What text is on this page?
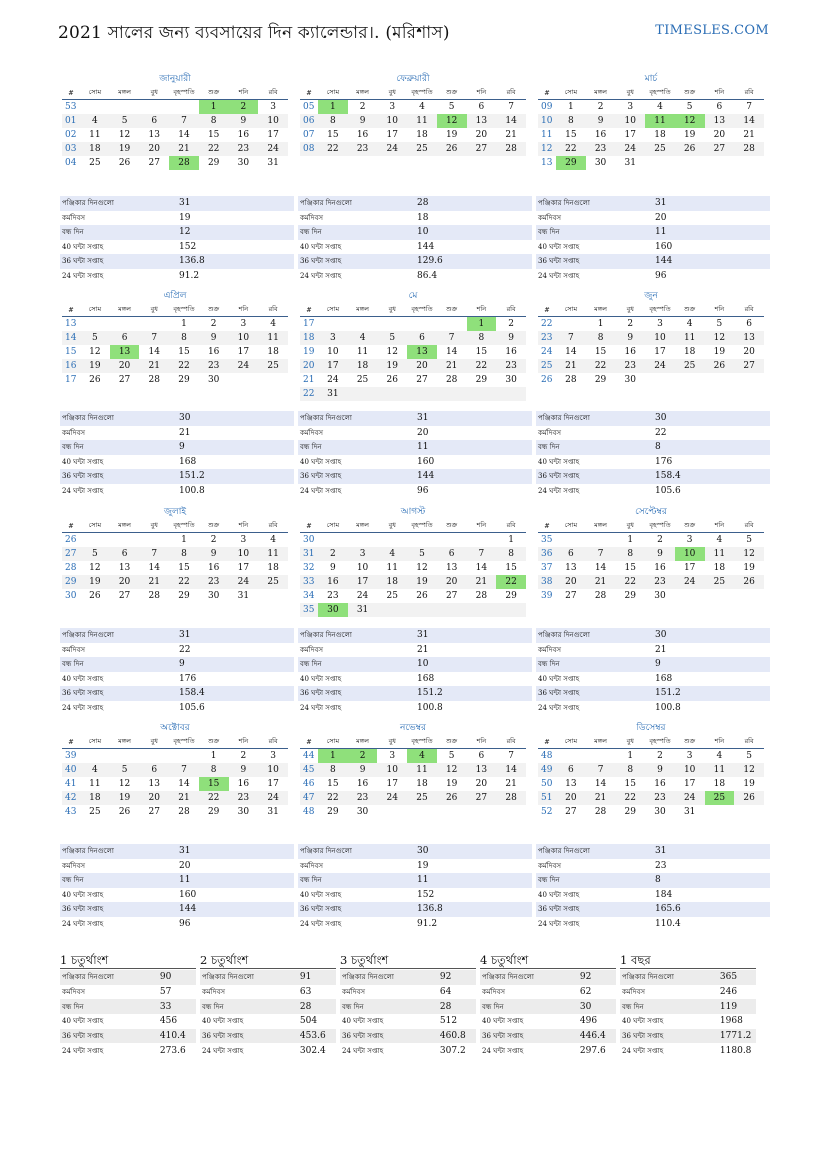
2021 সালের জন্য ব্যবসায়ের দিন ক্যালেন্ডার।. (মরিশাস)	TIMESLES.COM
জানুয়ারী
#	সোম	মঙ্গল	বুধ	বৃহস্পতি	শুক্র	শনি	রবি
53					1	2	3
01	4	5	6	7	8	9	10
02	11	12	13	14	15	16	17
03	18	19	20	21	22	23	24
04	25	26	27	28	29	30	31
পঞ্জিকার দিনগুলো	31
কর্মদিবস	19
বন্ধ দিন	12
40 ঘন্টা সপ্তাহ	152
36 ঘন্টা সপ্তাহ	136.8
24 ঘন্টা সপ্তাহ	91.2
ফেব্রুয়ারী
#	সোম	মঙ্গল	বুধ	বৃহস্পতি	শুক্র	শনি	রবি
05	1	2	3	4	5	6	7
06	8	9	10	11	12	13	14
07	15	16	17	18	19	20	21
08	22	23	24	25	26	27	28
পঞ্জিকার দিনগুলো	28
কর্মদিবস	18
বন্ধ দিন	10
40 ঘন্টা সপ্তাহ	144
36 ঘন্টা সপ্তাহ	129.6
24 ঘন্টা সপ্তাহ	86.4
মার্চ
#	সোম	মঙ্গল	বুধ	বৃহস্পতি	শুক্র	শনি	রবি
09	1	2	3	4	5	6	7
10	8	9	10	11	12	13	14
11	15	16	17	18	19	20	21
12	22	23	24	25	26	27	28
13	29	30	31				
পঞ্জিকার দিনগুলো	31
কর্মদিবস	20
বন্ধ দিন	11
40 ঘন্টা সপ্তাহ	160
36 ঘন্টা সপ্তাহ	144
24 ঘন্টা সপ্তাহ	96
এপ্রিল
#	সোম	মঙ্গল	বুধ	বৃহস্পতি	শুক্র	শনি	রবি
13				1	2	3	4
14	5	6	7	8	9	10	11
15	12	13	14	15	16	17	18
16	19	20	21	22	23	24	25
17	26	27	28	29	30		
পঞ্জিকার দিনগুলো	30
কর্মদিবস	21
বন্ধ দিন	9
40 ঘন্টা সপ্তাহ	168
36 ঘন্টা সপ্তাহ	151.2
24 ঘন্টা সপ্তাহ	100.8
মে
#	সোম	মঙ্গল	বুধ	বৃহস্পতি	শুক্র	শনি	রবি
17						1	2
18	3	4	5	6	7	8	9
19	10	11	12	13	14	15	16
20	17	18	19	20	21	22	23
21	24	25	26	27	28	29	30
22	31						
পঞ্জিকার দিনগুলো	31
কর্মদিবস	20
বন্ধ দিন	11
40 ঘন্টা সপ্তাহ	160
36 ঘন্টা সপ্তাহ	144
24 ঘন্টা সপ্তাহ	96
জুন
#	সোম	মঙ্গল	বুধ	বৃহস্পতি	শুক্র	শনি	রবি
22		1	2	3	4	5	6
23	7	8	9	10	11	12	13
24	14	15	16	17	18	19	20
25	21	22	23	24	25	26	27
26	28	29	30				
পঞ্জিকার দিনগুলো	30
কর্মদিবস	22
বন্ধ দিন	8
40 ঘন্টা সপ্তাহ	176
36 ঘন্টা সপ্তাহ	158.4
24 ঘন্টা সপ্তাহ	105.6
জুলাই
#	সোম	মঙ্গল	বুধ	বৃহস্পতি	শুক্র	শনি	রবি
26				1	2	3	4
27	5	6	7	8	9	10	11
28	12	13	14	15	16	17	18
29	19	20	21	22	23	24	25
30	26	27	28	29	30	31	
পঞ্জিকার দিনগুলো	31
কর্মদিবস	22
বন্ধ দিন	9
40 ঘন্টা সপ্তাহ	176
36 ঘন্টা সপ্তাহ	158.4
24 ঘন্টা সপ্তাহ	105.6
আগস্ট
#	সোম	মঙ্গল	বুধ	বৃহস্পতি	শুক্র	শনি	রবি
30							1
31	2	3	4	5	6	7	8
32	9	10	11	12	13	14	15
33	16	17	18	19	20	21	22
34	23	24	25	26	27	28	29
35	30	31					
পঞ্জিকার দিনগুলো	31
কর্মদিবস	21
বন্ধ দিন	10
40 ঘন্টা সপ্তাহ	168
36 ঘন্টা সপ্তাহ	151.2
24 ঘন্টা সপ্তাহ	100.8
সেপ্টেম্বর
#	সোম	মঙ্গল	বুধ	বৃহস্পতি	শুক্র	শনি	রবি
35			1	2	3	4	5
36	6	7	8	9	10	11	12
37	13	14	15	16	17	18	19
38	20	21	22	23	24	25	26
39	27	28	29	30			
পঞ্জিকার দিনগুলো	30
কর্মদিবস	21
বন্ধ দিন	9
40 ঘন্টা সপ্তাহ	168
36 ঘন্টা সপ্তাহ	151.2
24 ঘন্টা সপ্তাহ	100.8
অক্টোবর
#	সোম	মঙ্গল	বুধ	বৃহস্পতি	শুক্র	শনি	রবি
39					1	2	3
40	4	5	6	7	8	9	10
41	11	12	13	14	15	16	17
42	18	19	20	21	22	23	24
43	25	26	27	28	29	30	31
পঞ্জিকার দিনগুলো	31
কর্মদিবস	20
বন্ধ দিন	11
40 ঘন্টা সপ্তাহ	160
36 ঘন্টা সপ্তাহ	144
24 ঘন্টা সপ্তাহ	96
নভেম্বর
#	সোম	মঙ্গল	বুধ	বৃহস্পতি	শুক্র	শনি	রবি
44	1	2	3	4	5	6	7
45	8	9	10	11	12	13	14
46	15	16	17	18	19	20	21
47	22	23	24	25	26	27	28
48	29	30					
পঞ্জিকার দিনগুলো	30
কর্মদিবস	19
বন্ধ দিন	11
40 ঘন্টা সপ্তাহ	152
36 ঘন্টা সপ্তাহ	136.8
24 ঘন্টা সপ্তাহ	91.2
ডিসেম্বর
#	সোম	মঙ্গল	বুধ	বৃহস্পতি	শুক্র	শনি	রবি
48			1	2	3	4	5
49	6	7	8	9	10	11	12
50	13	14	15	16	17	18	19
51	20	21	22	23	24	25	26
52	27	28	29	30	31		
পঞ্জিকার দিনগুলো	31
কর্মদিবস	23
বন্ধ দিন	8
40 ঘন্টা সপ্তাহ	184
36 ঘন্টা সপ্তাহ	165.6
24 ঘন্টা সপ্তাহ	110.4
1 চতুর্থাংশ
পঞ্জিকার দিনগুলো	90
কর্মদিবস	57
বন্ধ দিন	33
40 ঘন্টা সপ্তাহ	456
36 ঘন্টা সপ্তাহ	410.4
24 ঘন্টা সপ্তাহ	273.6
2 চতুর্থাংশ
পঞ্জিকার দিনগুলো	91
কর্মদিবস	63
বন্ধ দিন	28
40 ঘন্টা সপ্তাহ	504
36 ঘন্টা সপ্তাহ	453.6
24 ঘন্টা সপ্তাহ	302.4
3 চতুর্থাংশ
পঞ্জিকার দিনগুলো	92
কর্মদিবস	64
বন্ধ দিন	28
40 ঘন্টা সপ্তাহ	512
36 ঘন্টা সপ্তাহ	460.8
24 ঘন্টা সপ্তাহ	307.2
4 চতুর্থাংশ
পঞ্জিকার দিনগুলো	92
কর্মদিবস	62
বন্ধ দিন	30
40 ঘন্টা সপ্তাহ	496
36 ঘন্টা সপ্তাহ	446.4
24 ঘন্টা সপ্তাহ	297.6
1 বছর
পঞ্জিকার দিনগুলো	365
কর্মদিবস	246
বন্ধ দিন	119
40 ঘন্টা সপ্তাহ	1968
36 ঘন্টা সপ্তাহ	1771.2
24 ঘন্টা সপ্তাহ	1180.8
